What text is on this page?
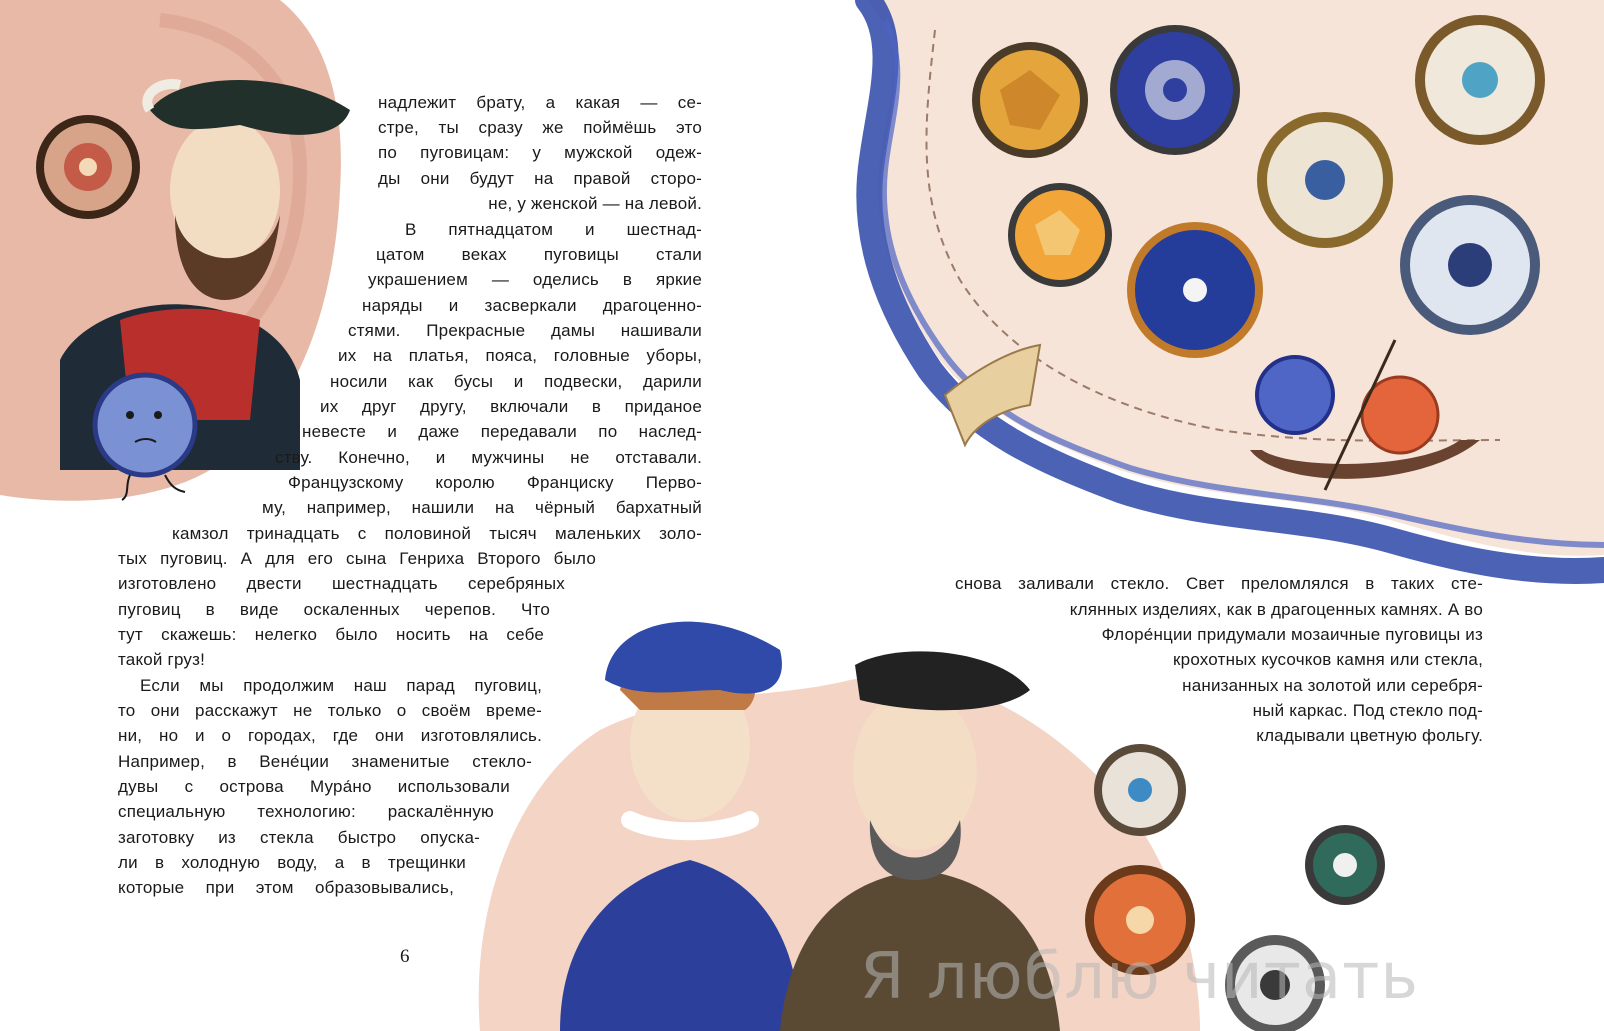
надлежит брату, а какая — се-
стре, ты сразу же поймёшь это
по пуговицам: у мужской одеж-
ды они будут на правой сторо-
не, у женской — на левой.
В пятнадцатом и шестнад-
цатом веках пуговицы стали
украшением — оделись в яркие
наряды и засверкали драгоценно-
стями. Прекрасные дамы нашивали
их на платья, пояса, головные уборы,
носили как бусы и подвески, дарили
их друг другу, включали в приданое
невесте и даже передавали по наслед-
ству. Конечно, и мужчины не отставали.
Французскому королю Франциску Перво-
му, например, нашили на чёрный бархатный
камзол тринадцать с половиной тысяч маленьких золо-
тых пуговиц. А для его сына Генриха Второго было
изготовлено двести шестнадцать серебряных
пуговиц в виде оскаленных черепов. Что
тут скажешь: нелегко было носить на себе
такой груз!
Если мы продолжим наш парад пуговиц,
то они расскажут не только о своём време-
ни, но и о городах, где они изготовлялись.
Например, в Вене́ции знаменитые стекло-
дувы с острова Мура́но использовали
специальную технологию: раскалённую
заготовку из стекла быстро опуска-
ли в холодную воду, а в трещинки
которые при этом образовывались,
снова заливали стекло. Свет преломлялся в таких сте-
клянных изделиях, как в драгоценных камнях. А во
Флоре́нции придумали мозаичные пуговицы из
крохотных кусочков камня или стекла,
нанизанных на золотой или серебря-
ный каркас. Под стекло под-
кладывали цветную фольгу.
6	Я люблю читать
